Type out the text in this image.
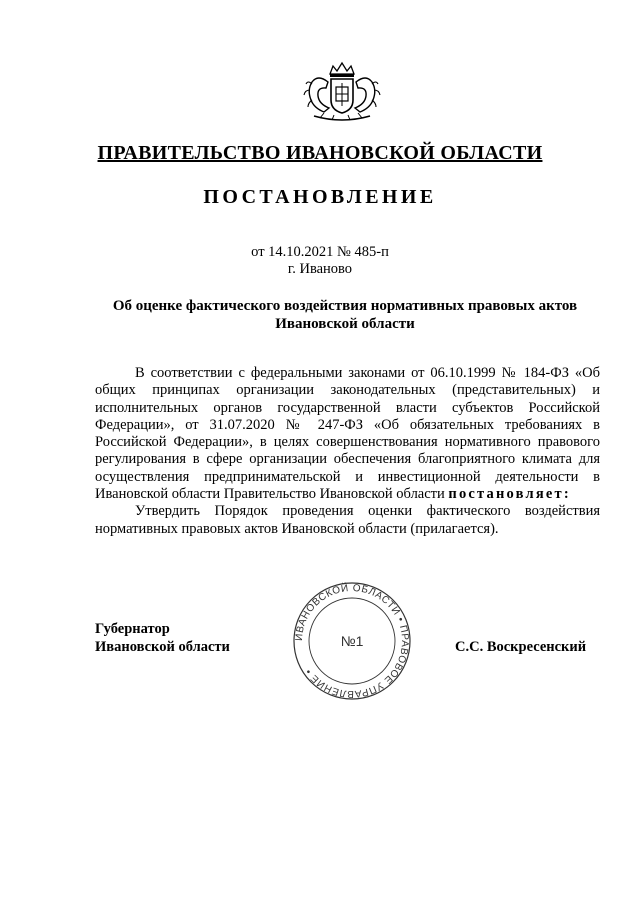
ПРАВИТЕЛЬСТВО ИВАНОВСКОЙ ОБЛАСТИ
ПОСТАНОВЛЕНИЕ
от 14.10.2021 № 485-п
г. Иваново
Об оценке фактического воздействия нормативных правовых актов
Ивановской области

В соответствии с федеральными законами от 06.10.1999 № 184-ФЗ «Об общих принципах организации законодательных (представительных) и исполнительных органов государственной власти субъектов Российской Федерации», от 31.07.2020 № 247-ФЗ «Об обязательных требованиях в Российской Федерации», в целях совершенствования нормативного правового регулирования в сфере организации обеспечения благоприятного климата для осуществления предпринимательской и инвестиционной деятельности в Ивановской области Правительство Ивановской области постановляет:

Утвердить Порядок проведения оценки фактического воздействия нормативных правовых актов Ивановской области (прилагается).

Губернатор
Ивановской области
ИВАНОВСКОЙ ОБЛАСТИ • ПРАВОВОЕ УПРАВЛЕНИЕ •
№1	С.С. Воскресенский
